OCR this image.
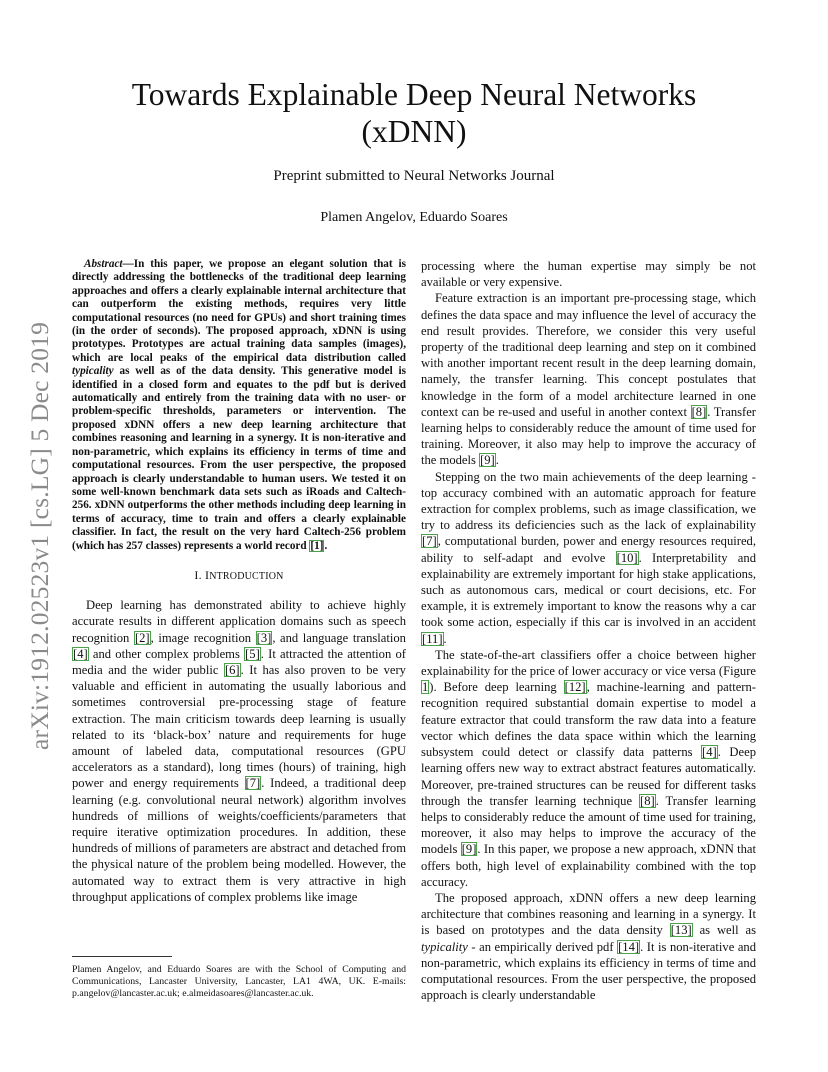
arXiv:1912.02523v1 [cs.LG] 5 Dec 2019
Towards Explainable Deep Neural Networks
(xDNN)
Preprint submitted to Neural Networks Journal
Plamen Angelov, Eduardo Soares

Abstract—In this paper, we propose an elegant solution that is directly addressing the bottlenecks of the traditional deep learning approaches and offers a clearly explainable internal architecture that can outperform the existing methods, requires very little computational resources (no need for GPUs) and short training times (in the order of seconds). The proposed approach, xDNN is using prototypes. Prototypes are actual training data samples (images), which are local peaks of the empirical data distribution called typicality as well as of the data density. This generative model is identified in a closed form and equates to the pdf but is derived automatically and entirely from the training data with no user- or problem-specific thresholds, parameters or intervention. The proposed xDNN offers a new deep learning architecture that combines reasoning and learning in a synergy. It is non-iterative and non-parametric, which explains its efficiency in terms of time and computational resources. From the user perspective, the proposed approach is clearly understandable to human users. We tested it on some well-known benchmark data sets such as iRoads and Caltech-256. xDNN outperforms the other methods including deep learning in terms of accuracy, time to train and offers a clearly explainable classifier. In fact, the result on the very hard Caltech-256 problem (which has 257 classes) represents a world record [1].

I. INTRODUCTION

Deep learning has demonstrated ability to achieve highly accurate results in different application domains such as speech recognition [2], image recognition [3], and language translation [4] and other complex problems [5]. It attracted the attention of media and the wider public [6]. It has also proven to be very valuable and efficient in automating the usually laborious and sometimes controversial pre-processing stage of feature extraction. The main criticism towards deep learning is usually related to its ‘black-box’ nature and requirements for huge amount of labeled data, computational resources (GPU accelerators as a standard), long times (hours) of training, high power and energy requirements [7]. Indeed, a traditional deep learning (e.g. convolutional neural network) algorithm involves hundreds of millions of weights/coefficients/parameters that require iterative optimization procedures. In addition, these hundreds of millions of parameters are abstract and detached from the physical nature of the problem being modelled. However, the automated way to extract them is very attractive in high throughput applications of complex problems like image

Plamen Angelov, and Eduardo Soares are with the School of Computing and Communications, Lancaster University, Lancaster, LA1 4WA, UK. E-mails: p.angelov@lancaster.ac.uk; e.almeidasoares@lancaster.ac.uk.

processing where the human expertise may simply be not available or very expensive.

Feature extraction is an important pre-processing stage, which defines the data space and may influence the level of accuracy the end result provides. Therefore, we consider this very useful property of the traditional deep learning and step on it combined with another important recent result in the deep learning domain, namely, the transfer learning. This concept postulates that knowledge in the form of a model architecture learned in one context can be re-used and useful in another context [8]. Transfer learning helps to considerably reduce the amount of time used for training. Moreover, it also may help to improve the accuracy of the models [9].

Stepping on the two main achievements of the deep learning - top accuracy combined with an automatic approach for feature extraction for complex problems, such as image classification, we try to address its deficiencies such as the lack of explainability [7], computational burden, power and energy resources required, ability to self-adapt and evolve [10]. Interpretability and explainability are extremely important for high stake applications, such as autonomous cars, medical or court decisions, etc. For example, it is extremely important to know the reasons why a car took some action, especially if this car is involved in an accident [11].

The state-of-the-art classifiers offer a choice between higher explainability for the price of lower accuracy or vice versa (Figure 1). Before deep learning [12], machine-learning and pattern-recognition required substantial domain expertise to model a feature extractor that could transform the raw data into a feature vector which defines the data space within which the learning subsystem could detect or classify data patterns [4]. Deep learning offers new way to extract abstract features automatically. Moreover, pre-trained structures can be reused for different tasks through the transfer learning technique [8]. Transfer learning helps to considerably reduce the amount of time used for training, moreover, it also may helps to improve the accuracy of the models [9]. In this paper, we propose a new approach, xDNN that offers both, high level of explainability combined with the top accuracy.

The proposed approach, xDNN offers a new deep learning architecture that combines reasoning and learning in a synergy. It is based on prototypes and the data density [13] as well as typicality - an empirically derived pdf [14]. It is non-iterative and non-parametric, which explains its efficiency in terms of time and computational resources. From the user perspective, the proposed approach is clearly understandable
